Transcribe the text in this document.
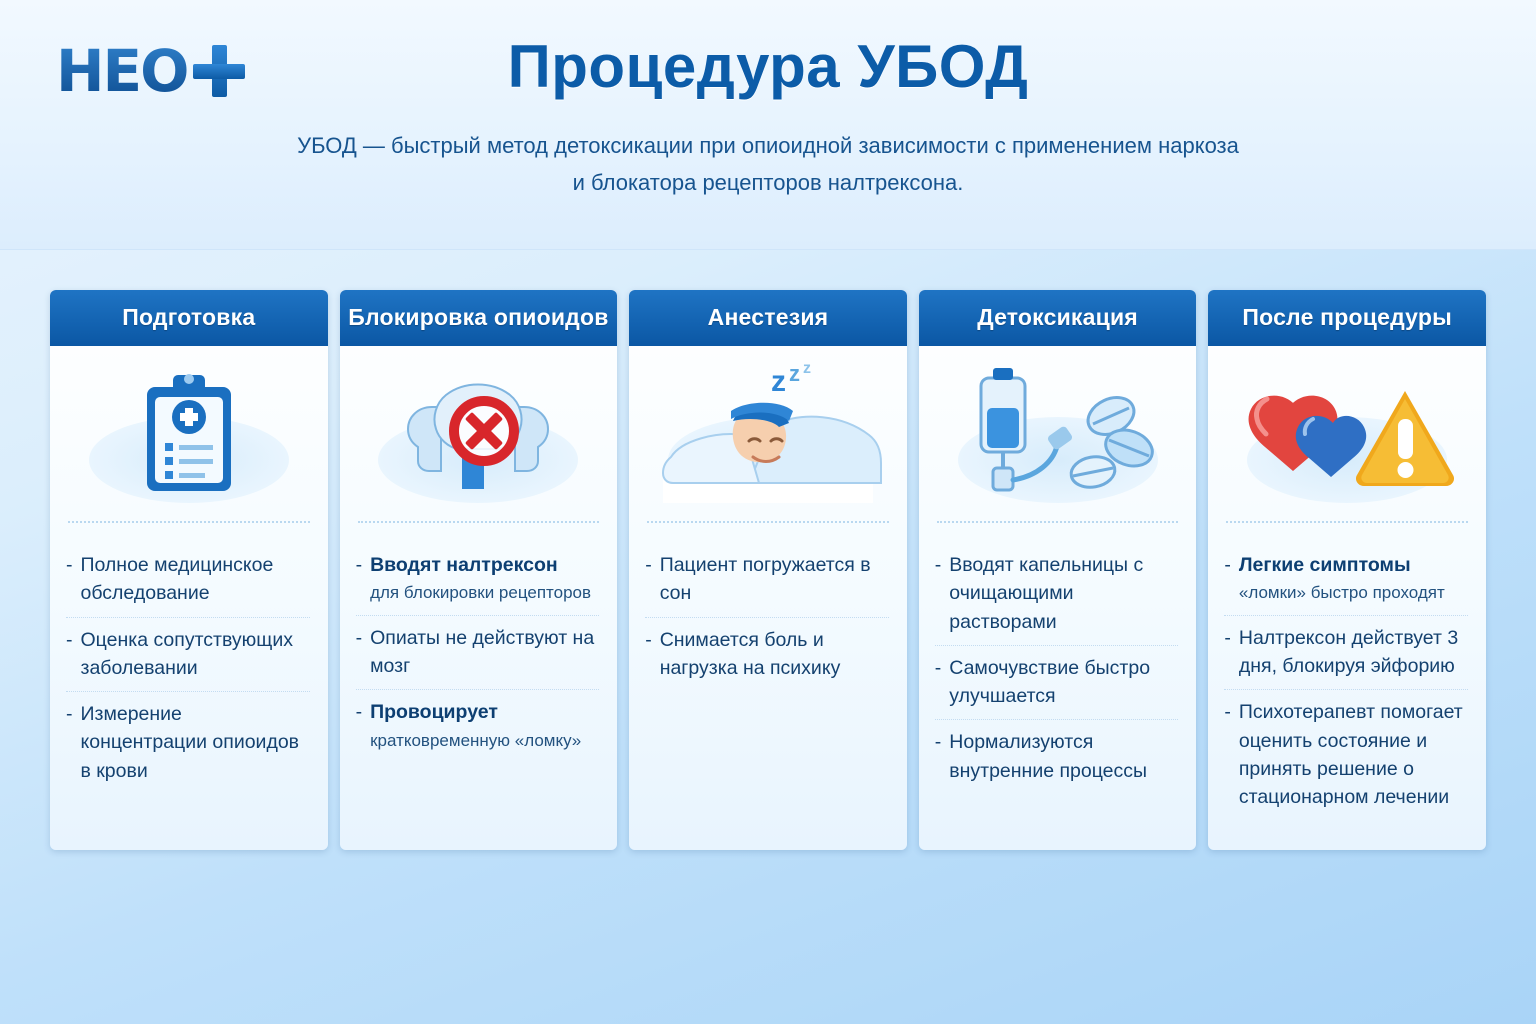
HEO	Процедура УБОД
УБОД — быстрый метод детоксикации при опиоидной зависимости с применением наркоза
и блокатора рецепторов налтрексона.
Подготовка
- Полное медицинское обследование
- Оценка сопутствующих заболевании
- Измерение концентрации опиоидов в крови
Блокировка опиоидов
- Вводят налтрексон
для блокировки рецепторов
- Опиаты не действуют на мозг
- Провоцирует
кратковременную «ломку»
Анестезия
z z z
- Пациент погружается в сон
- Снимается боль и нагрузка на психику
Детоксикация
- Вводят капельницы с очищающими растворами
- Самочувствие быстро улучшается
- Нормализуются внутренние процессы
После процедуры
- Легкие симптомы
«ломки» быстро проходят
- Налтрексон действует 3 дня, блокируя эйфорию
- Психотерапевт помогает оценить состояние и принять решение о стационарном лечении
